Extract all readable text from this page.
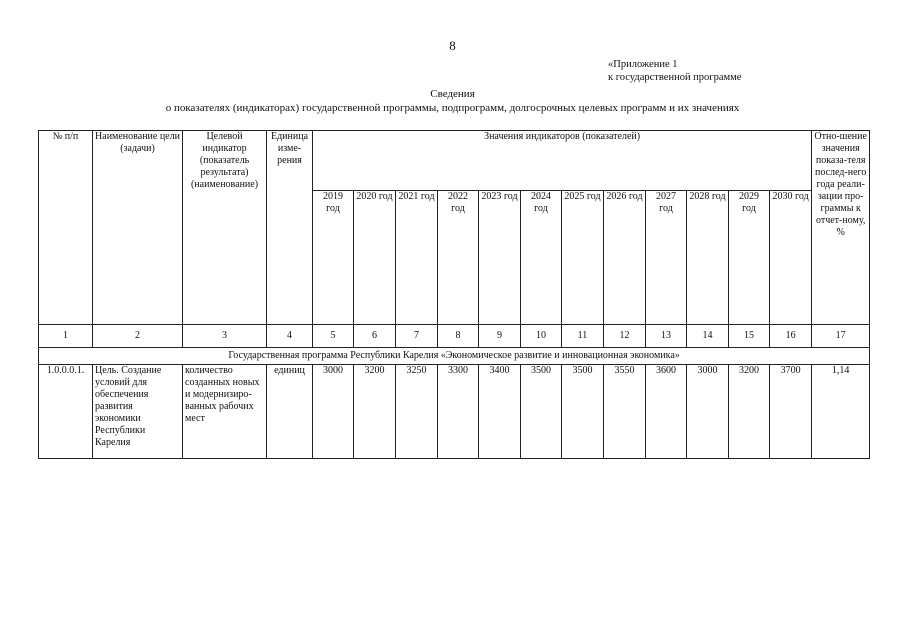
8
«Приложение 1
к государственной программе
Сведения
о показателях (индикаторах) государственной программы, подпрограмм, долгосрочных целевых программ и их значениях
№ п/п	Наименование цели (задачи)	Целевой индикатор (показатель результата) (наименование)	Единица изме-рения	Значения индикаторов (показателей)												Отно-шение значения показа-теля послед-него года реали-зации про-граммы к отчет-ному, %
				2019 год	2020 год	2021 год	2022 год	2023 год	2024 год	2025 год	2026 год	2027 год	2028 год	2029 год	2030 год	
1	2	3	4	5	6	7	8	9	10	11	12	13	14	15	16	17
Государственная программа Республики Карелия «Экономическое развитие и инновационная экономика»																
1.0.0.0.1.	Цель. Создание условий для обеспечения развития экономики Республики Карелия	количество созданных новых и модернизиро-ванных рабочих мест	единиц	3000	3200	3250	3300	3400	3500	3500	3550	3600	3000	3200	3700	1,14
